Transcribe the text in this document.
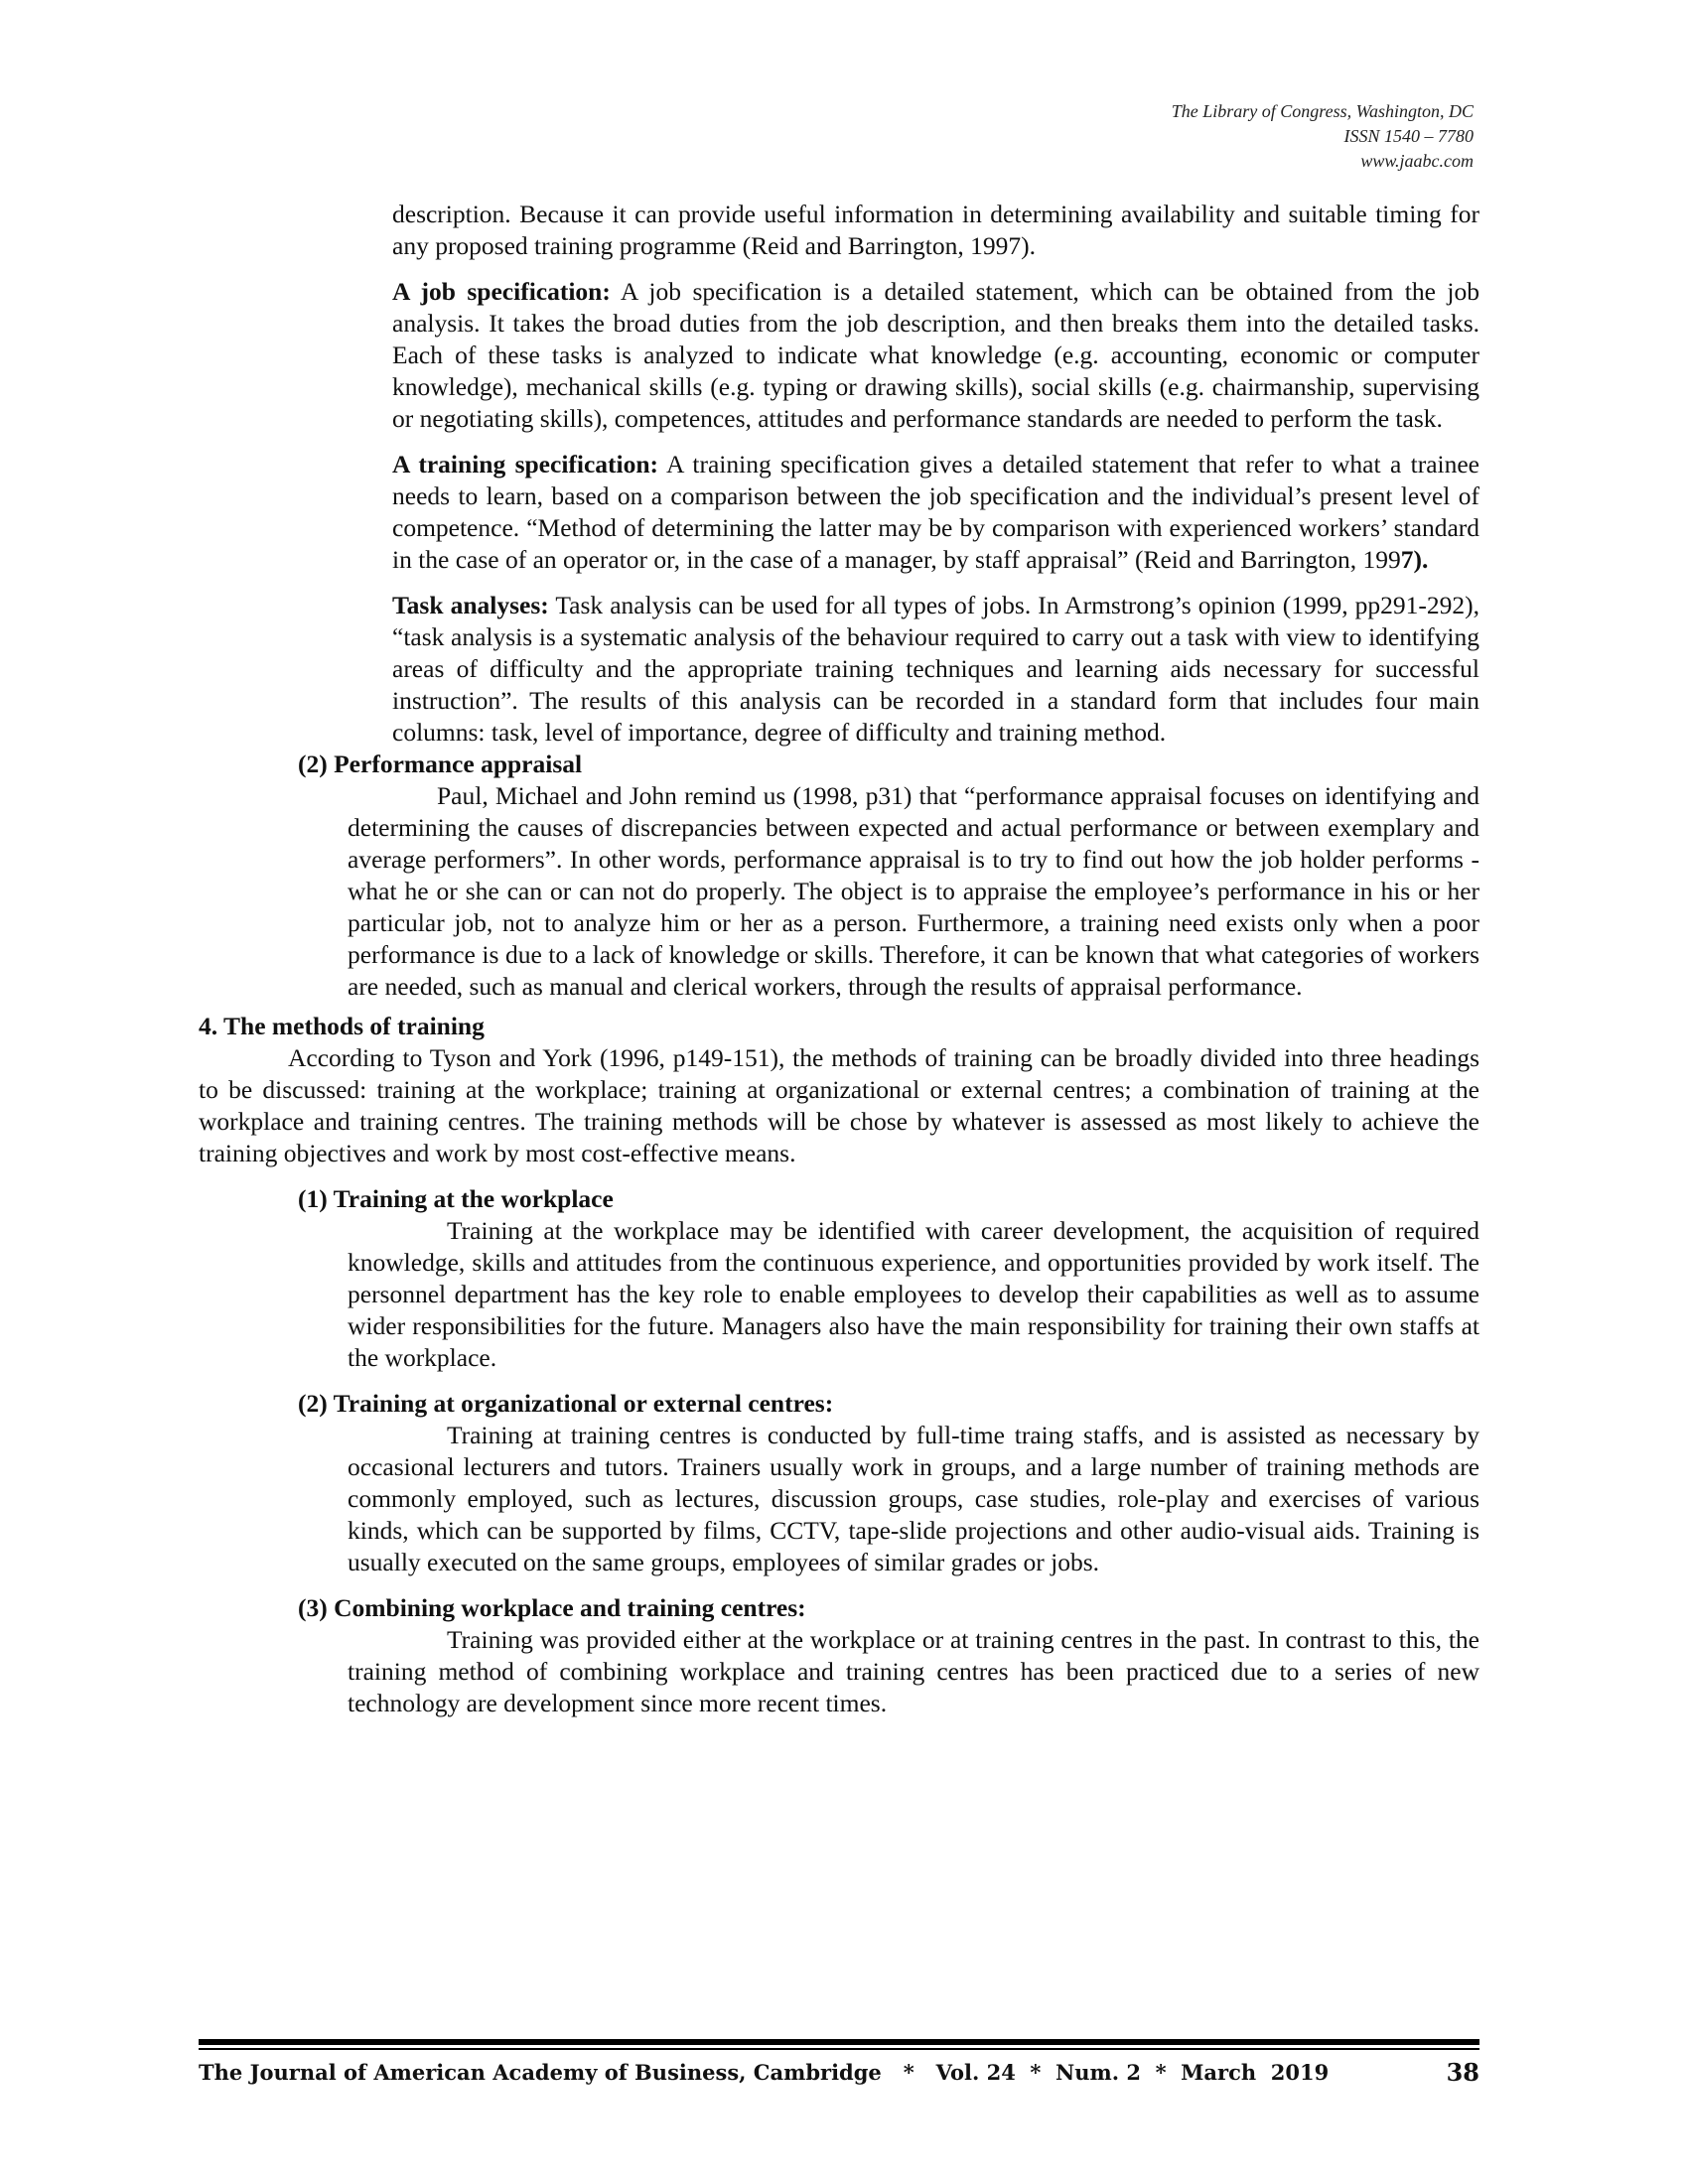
The Library of Congress, Washington, DC
ISSN 1540 – 7780
www.jaabc.com

description. Because it can provide useful information in determining availability and suitable timing for any proposed training programme (Reid and Barrington, 1997).

A job specification: A job specification is a detailed statement, which can be obtained from the job analysis. It takes the broad duties from the job description, and then breaks them into the detailed tasks. Each of these tasks is analyzed to indicate what knowledge (e.g. accounting, economic or computer knowledge), mechanical skills (e.g. typing or drawing skills), social skills (e.g. chairmanship, supervising or negotiating skills), competences, attitudes and performance standards are needed to perform the task.

A training specification: A training specification gives a detailed statement that refer to what a trainee needs to learn, based on a comparison between the job specification and the individual’s present level of competence. “Method of determining the latter may be by comparison with experienced workers’ standard in the case of an operator or, in the case of a manager, by staff appraisal” (Reid and Barrington, 1997).

Task analyses: Task analysis can be used for all types of jobs. In Armstrong’s opinion (1999, pp291-292), “task analysis is a systematic analysis of the behaviour required to carry out a task with view to identifying areas of difficulty and the appropriate training techniques and learning aids necessary for successful instruction”. The results of this analysis can be recorded in a standard form that includes four main columns: task, level of importance, degree of difficulty and training method.

(2) Performance appraisal

Paul, Michael and John remind us (1998, p31) that “performance appraisal focuses on identifying and determining the causes of discrepancies between expected and actual performance or between exemplary and average performers”. In other words, performance appraisal is to try to find out how the job holder performs - what he or she can or can not do properly. The object is to appraise the employee’s performance in his or her particular job, not to analyze him or her as a person. Furthermore, a training need exists only when a poor performance is due to a lack of knowledge or skills. Therefore, it can be known that what categories of workers are needed, such as manual and clerical workers, through the results of appraisal performance.

4. The methods of training

According to Tyson and York (1996, p149-151), the methods of training can be broadly divided into three headings to be discussed: training at the workplace; training at organizational or external centres; a combination of training at the workplace and training centres. The training methods will be chose by whatever is assessed as most likely to achieve the training objectives and work by most cost-effective means.

(1) Training at the workplace

Training at the workplace may be identified with career development, the acquisition of required knowledge, skills and attitudes from the continuous experience, and opportunities provided by work itself. The personnel department has the key role to enable employees to develop their capabilities as well as to assume wider responsibilities for the future. Managers also have the main responsibility for training their own staffs at the workplace.

(2) Training at organizational or external centres:

Training at training centres is conducted by full-time traing staffs, and is assisted as necessary by occasional lecturers and tutors. Trainers usually work in groups, and a large number of training methods are commonly employed, such as lectures, discussion groups, case studies, role-play and exercises of various kinds, which can be supported by films, CCTV, tape-slide projections and other audio-visual aids. Training is usually executed on the same groups, employees of similar grades or jobs.

(3) Combining workplace and training centres:

Training was provided either at the workplace or at training centres in the past. In contrast to this, the training method of combining workplace and training centres has been practiced due to a series of new technology are development since more recent times.

The Journal of American Academy of Business, Cambridge   *   Vol. 24  *  Num. 2  *  March  2019	38
